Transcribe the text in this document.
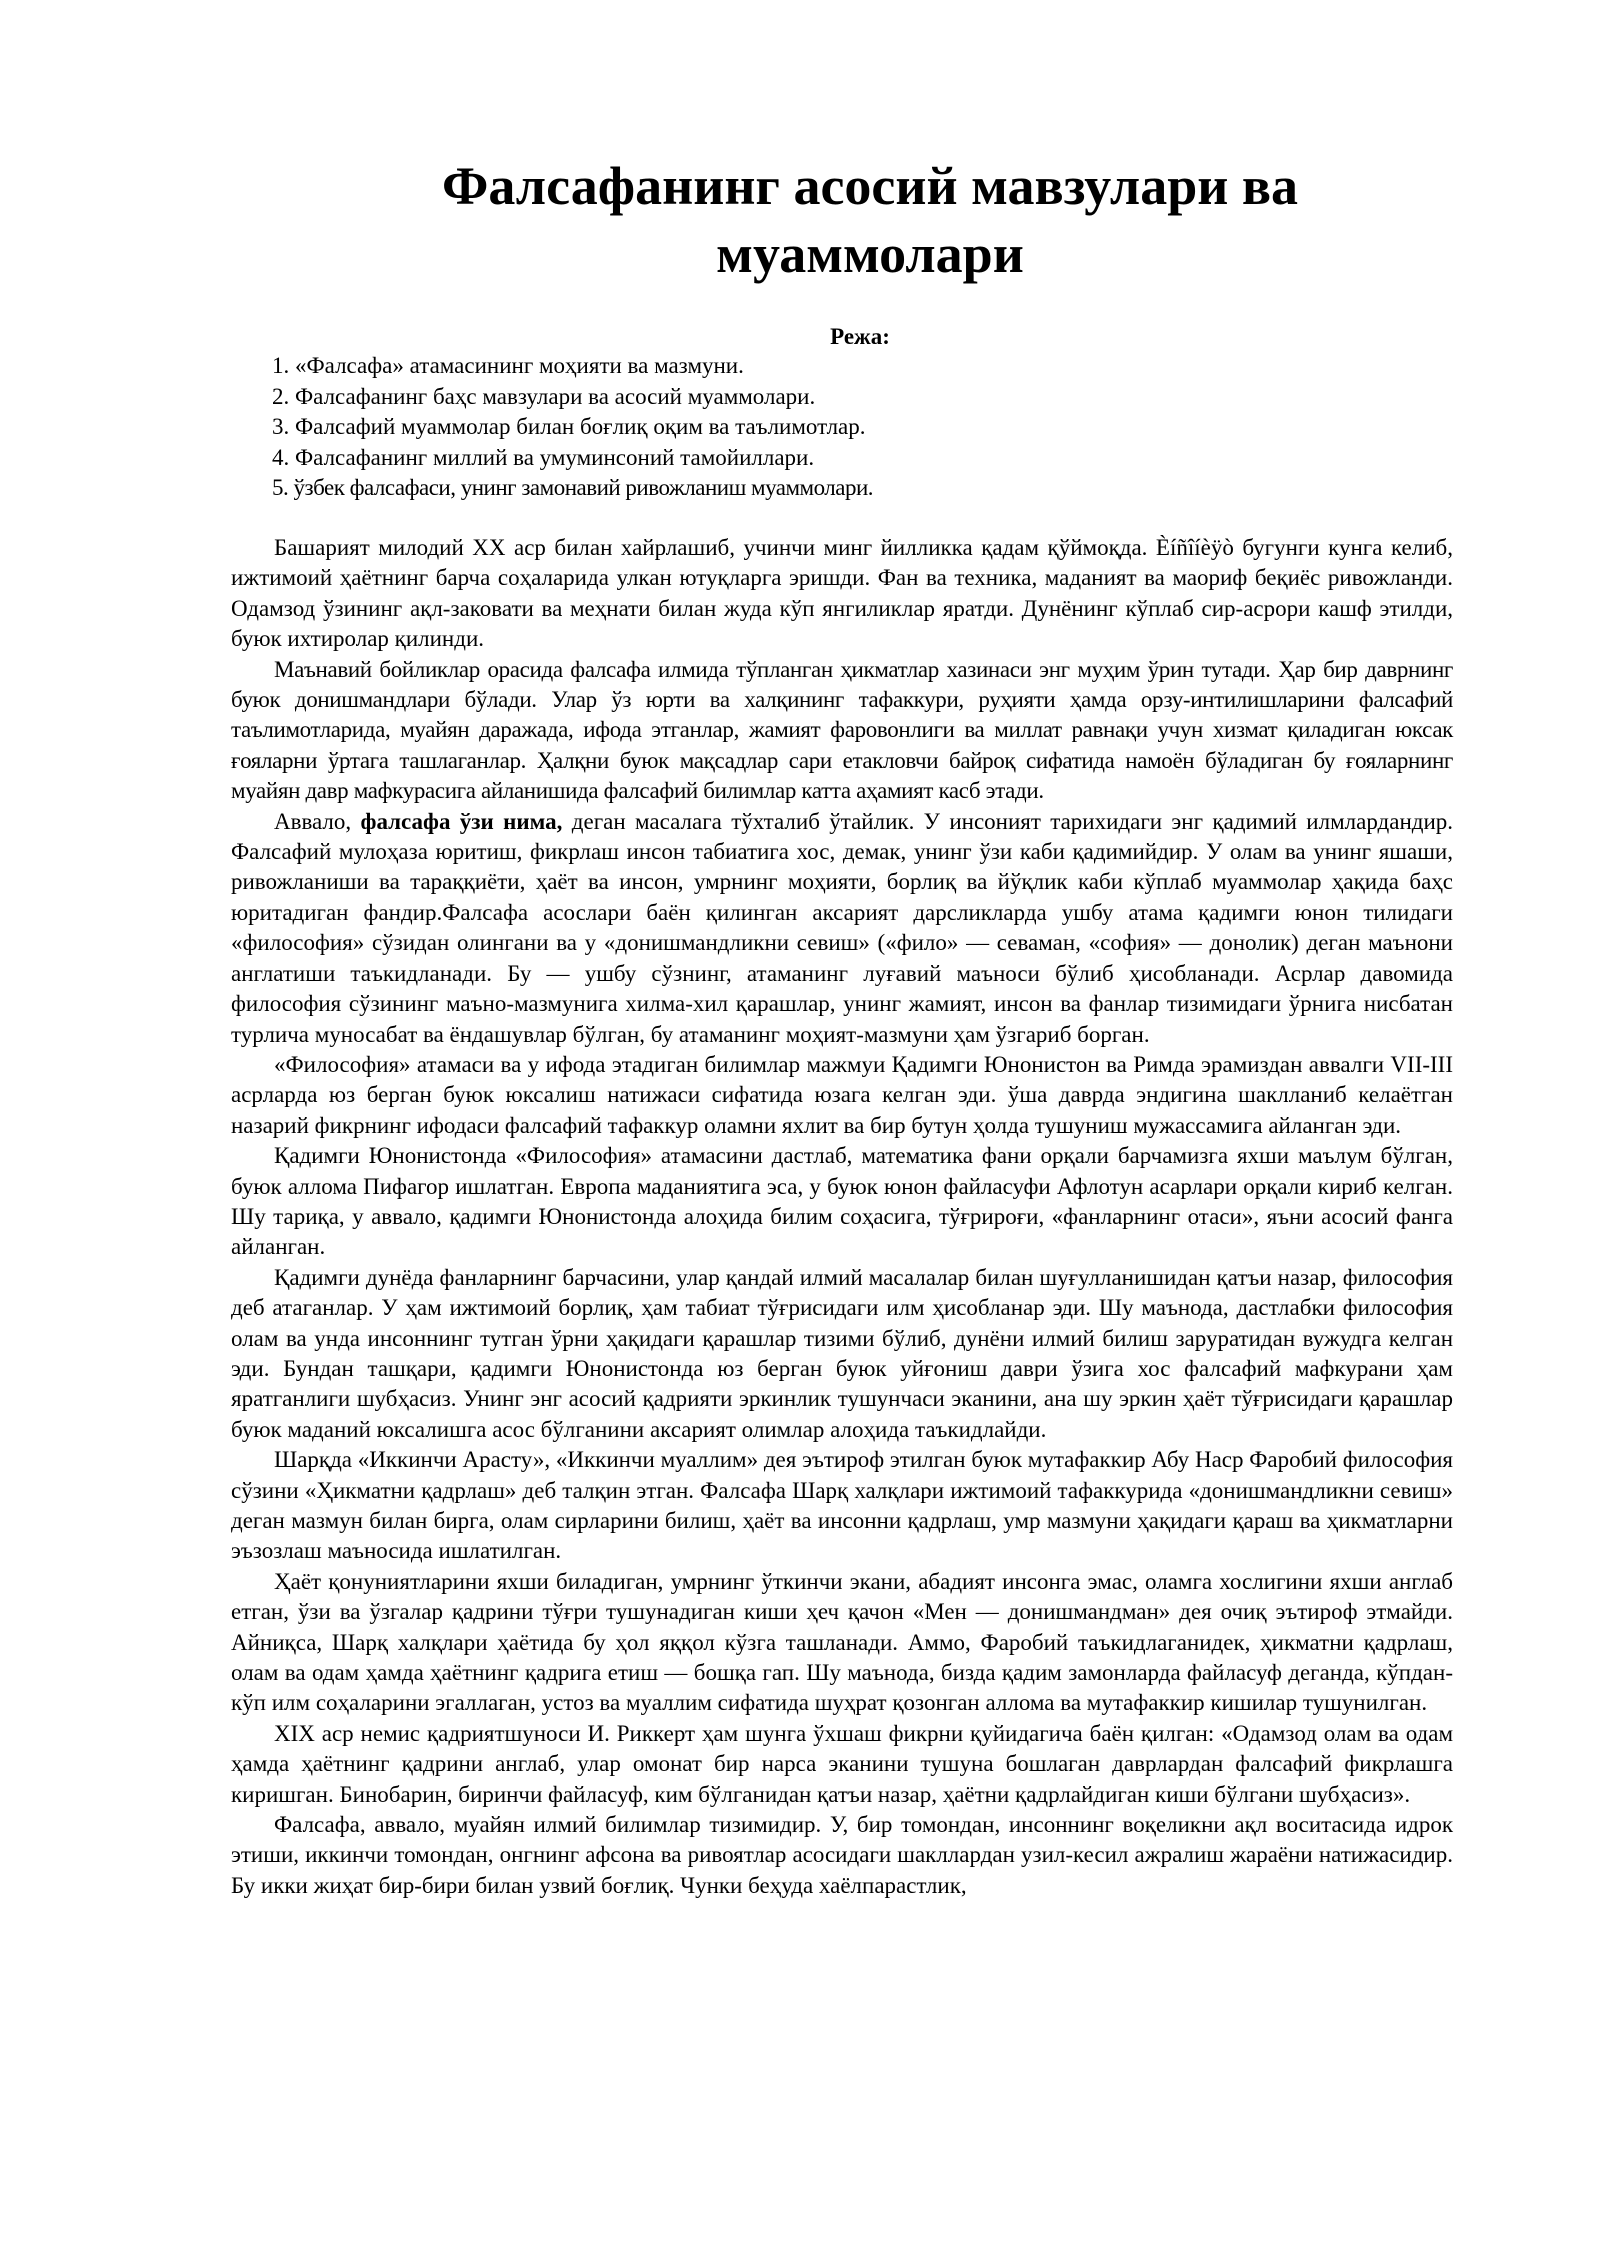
Фалсафанинг асосий мавзулари ва муаммолари
Режа:
1. «Фалсафа» атамасининг моҳияти ва мазмуни.
2. Фалсафанинг баҳс мавзулари ва асосий муаммолари.
3. Фалсафий муаммолар билан боғлиқ оқим ва таълимотлар.
4. Фалсафанинг миллий ва умуминсоний тамойиллари.
5. ўзбек фалсафаси, унинг замонавий ривожланиш муаммолари.

Башарият милодий ХХ аср билан хайрлашиб, учинчи минг йилликка қадам қўймоқда. Èíñîíèÿò бугунги кунга келиб, ижтимоий ҳаётнинг барча соҳаларида улкан ютуқларга эришди. Фан ва техника, маданият ва маориф беқиёс ривожланди. Одамзод ўзининг ақл-заковати ва меҳнати билан жуда кўп янгиликлар яратди. Дунёнинг кўплаб сир-асрори кашф этилди, буюк ихтиролар қилинди.

Маънавий бойликлар орасида фалсафа илмида тўпланган ҳикматлар хазинаси энг муҳим ўрин тутади. Ҳар бир даврнинг буюк донишмандлари бўлади. Улар ўз юрти ва халқининг тафаккури, руҳияти ҳамда орзу-интилишларини фалсафий таълимотларида, муайян даражада, ифода этганлар, жамият фаровонлиги ва миллат равнақи учун хизмат қиладиган юксак ғояларни ўртага ташлаганлар. Ҳалқни буюк мақсадлар сари етакловчи байроқ сифатида намоён бўладиган бу ғояларнинг муайян давр мафкурасига айланишида фалсафий билимлар катта аҳамият касб этади.

Аввало, фалсафа ўзи нима, деган масалага тўхталиб ўтайлик. У инсоният тарихидаги энг қадимий илмлардандир. Фалсафий мулоҳаза юритиш, фикрлаш инсон табиатига хос, демак, унинг ўзи каби қадимийдир. У олам ва унинг яшаши, ривожланиши ва тараққиёти, ҳаёт ва инсон, умрнинг моҳияти, борлиқ ва йўқлик каби кўплаб муаммолар ҳақида баҳс юритадиган фандир.Фалсафа асослари баён қилинган аксарият дарсликларда ушбу атама қадимги юнон тилидаги «философия» сўзидан олингани ва у «донишмандликни севиш» («фило» — севаман, «софия» — донолик) деган маънони англатиши таъкидланади. Бу — ушбу сўзнинг, атаманинг луғавий маъноси бўлиб ҳисобланади. Асрлар давомида философия сўзининг маъно-мазмунига хилма-хил қарашлар, унинг жамият, инсон ва фанлар тизимидаги ўрнига нисбатан турлича муносабат ва ёндашувлар бўлган, бу атаманинг моҳият-мазмуни ҳам ўзгариб борган.

«Философия» атамаси ва у ифода этадиган билимлар мажмуи Қадимги Юнонистон ва Римда эрамиздан аввалги VII-III асрларда юз берган буюк юксалиш натижаси сифатида юзага келган эди. ўша даврда эндигина шаклланиб келаётган назарий фикрнинг ифодаси фалсафий тафаккур оламни яхлит ва бир бутун ҳолда тушуниш мужассамига айланган эди.

Қадимги Юнонистонда «Философия» атамасини дастлаб, математика фани орқали барчамизга яхши маълум бўлган, буюк аллома Пифагор ишлатган. Европа маданиятига эса, у буюк юнон файласуфи Афлотун асарлари орқали кириб келган. Шу тариқа, у аввало, қадимги Юнонистонда алоҳида билим соҳасига, тўғрироғи, «фанларнинг отаси», яъни асосий фанга айланган.

Қадимги дунёда фанларнинг барчасини, улар қандай илмий масалалар билан шуғулланишидан қатъи назар, философия деб атаганлар. У ҳам ижтимоий борлиқ, ҳам табиат тўғрисидаги илм ҳисобланар эди. Шу маънода, дастлабки философия олам ва унда инсоннинг тутган ўрни ҳақидаги қарашлар тизими бўлиб, дунёни илмий билиш заруратидан вужудга келган эди. Бундан ташқари, қадимги Юнонистонда юз берган буюк уйғониш даври ўзига хос фалсафий мафкурани ҳам яратганлиги шубҳасиз. Унинг энг асосий қадрияти эркинлик тушунчаси эканини, ана шу эркин ҳаёт тўғрисидаги қарашлар буюк маданий юксалишга асос бўлганини аксарият олимлар алоҳида таъкидлайди.

Шарқда «Иккинчи Арасту», «Иккинчи муаллим» дея эътироф этилган буюк мутафаккир Абу Наср Фаробий философия сўзини «Ҳикматни қадрлаш» деб талқин этган. Фалсафа Шарқ халқлари ижтимоий тафаккурида «донишмандликни севиш» деган мазмун билан бирга, олам сирларини билиш, ҳаёт ва инсонни қадрлаш, умр мазмуни ҳақидаги қараш ва ҳикматларни эъзозлаш маъносида ишлатилган.

Ҳаёт қонуниятларини яхши биладиган, умрнинг ўткинчи экани, абадият инсонга эмас, оламга хослигини яхши англаб етган, ўзи ва ўзгалар қадрини тўғри тушунадиган киши ҳеч қачон «Мен — донишмандман» дея очиқ эътироф этмайди. Айниқса, Шарқ халқлари ҳаётида бу ҳол яққол кўзга ташланади. Аммо, Фаробий таъкидлаганидек, ҳикматни қадрлаш, олам ва одам ҳамда ҳаётнинг қадрига етиш — бошқа гап. Шу маънода, бизда қадим замонларда файласуф деганда, кўпдан-кўп илм соҳаларини эгаллаган, устоз ва муаллим сифатида шуҳрат қозонган аллома ва мутафаккир кишилар тушунилган.

XIX аср немис қадриятшуноси И. Риккерт ҳам шунга ўхшаш фикрни қуйидагича баён қилган: «Одамзод олам ва одам ҳамда ҳаётнинг қадрини англаб, улар омонат бир нарса эканини тушуна бошлаган даврлардан фалсафий фикрлашга киришган. Бинобарин, биринчи файласуф, ким бўлганидан қатъи назар, ҳаётни қадрлайдиган киши бўлгани шубҳасиз».

Фалсафа, аввало, муайян илмий билимлар тизимидир. У, бир томондан, инсоннинг воқеликни ақл воситасида идрок этиши, иккинчи томондан, онгнинг афсона ва ривоятлар асосидаги шакллардан узил-кесил ажралиш жараёни натижасидир. Бу икки жиҳат бир-бири билан узвий боғлиқ. Чунки беҳуда хаёлпарастлик,
